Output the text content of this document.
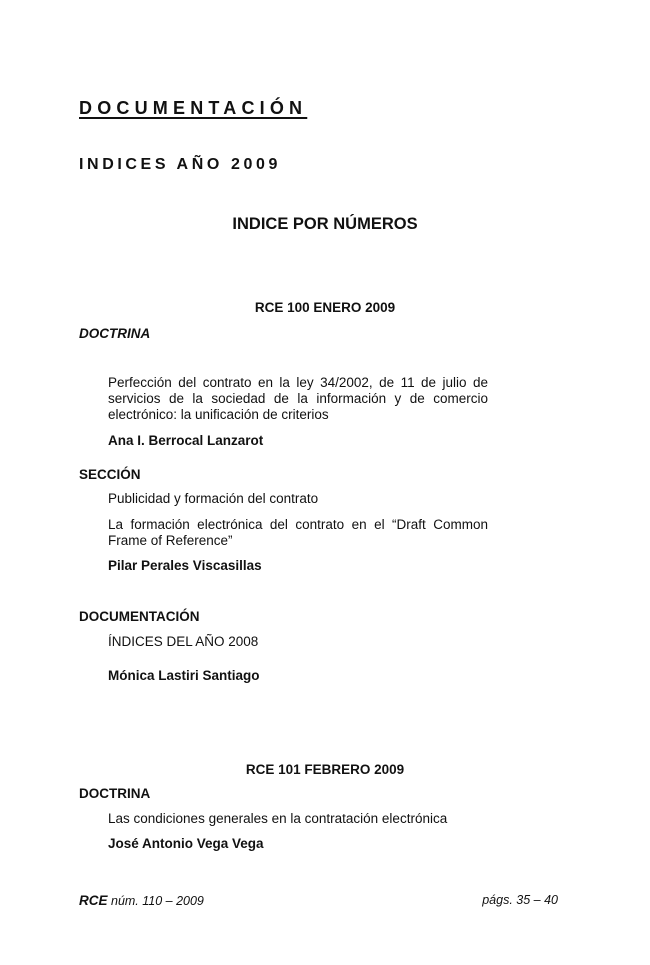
DOCUMENTACIÓN
INDICES AÑO 2009
INDICE POR NÚMEROS
RCE 100 ENERO 2009
DOCTRINA
Perfección del contrato en la ley 34/2002, de 11 de julio de servicios de la sociedad de la información y de comercio electrónico: la unificación de criterios
Ana I. Berrocal Lanzarot
SECCIÓN
Publicidad y formación del contrato
La formación electrónica del contrato en el “Draft Common Frame of Reference”
Pilar Perales Viscasillas
DOCUMENTACIÓN
ÍNDICES DEL AÑO 2008
Mónica Lastiri Santiago
RCE 101 FEBRERO 2009
DOCTRINA
Las condiciones generales en la contratación electrónica
José Antonio Vega Vega
RCE núm. 110 – 2009	págs. 35 – 40
